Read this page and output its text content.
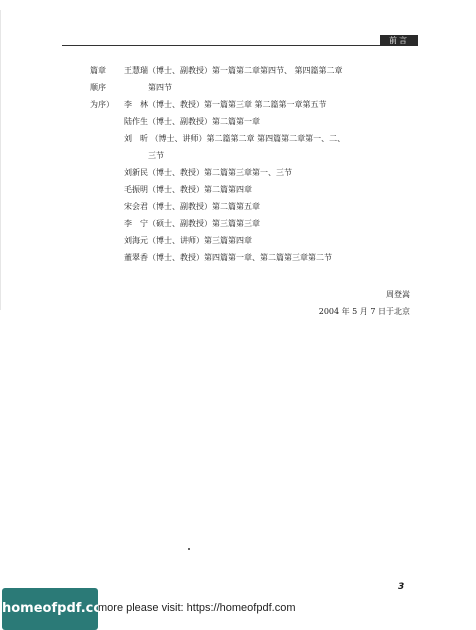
前言
篇章
顺序
为序）
王慧瑞（博士、副教授）第一篇第二章第四节、 第四篇第二章
第四节
李　林（博士、教授）第一篇第三章 第二篇第一章第五节
陆作生（博士、副教授）第二篇第一章
刘　昕 （博士、讲师）第二篇第二章 第四篇第二章第一、二、
三节
刘新民（博士、教授）第二篇第三章第一、三节
毛振明（博士、教授）第二篇第四章
宋会君（博士、副教授）第二篇第五章
李　宁（硕士、副教授）第三篇第三章
刘海元（博士、讲师）第三篇第四章
董翠香（博士、教授）第四篇第一章、第二篇第三章第二节
周登嵩
2004 年 5 月 7 日于北京
3
homeofpdf.com
more please visit: https://homeofpdf.com
